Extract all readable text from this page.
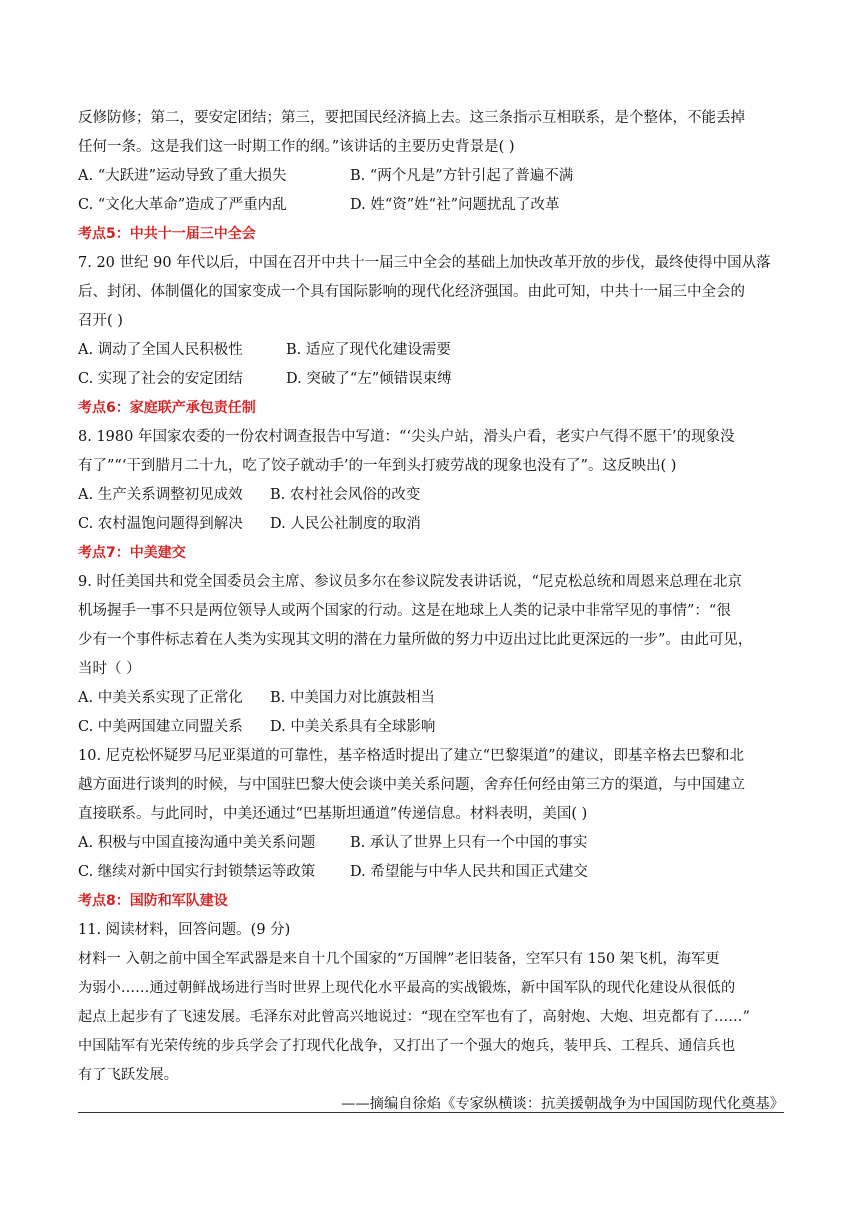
反修防修；第二，要安定团结；第三，要把国民经济搞上去。这三条指示互相联系，是个整体，不能丢掉
任何一条。这是我们这一时期工作的纲。”该讲话的主要历史背景是( )
A. “大跃进”运动导致了重大损失	B. “两个凡是”方针引起了普遍不满
C. “文化大革命”造成了严重内乱	D. 姓“资”姓“社”问题扰乱了改革
考点5：中共十一届三中全会
7. 20 世纪 90 年代以后，中国在召开中共十一届三中全会的基础上加快改革开放的步伐，最终使得中国从落
后、封闭、体制僵化的国家变成一个具有国际影响的现代化经济强国。由此可知，中共十一届三中全会的
召开( )
A. 调动了全国人民积极性	B. 适应了现代化建设需要
C. 实现了社会的安定团结	D. 突破了“左”倾错误束缚
考点6：家庭联产承包责任制
8. 1980 年国家农委的一份农村调查报告中写道：“‘尖头户站，滑头户看，老实户气得不愿干’的现象没
有了”“‘干到腊月二十九，吃了饺子就动手’的一年到头打疲劳战的现象也没有了”。这反映出( )
A. 生产关系调整初见成效 B. 农村社会风俗的改变
C. 农村温饱问题得到解决 D. 人民公社制度的取消
考点7：中美建交
9. 时任美国共和党全国委员会主席、参议员多尔在参议院发表讲话说，“尼克松总统和周恩来总理在北京
机场握手一事不只是两位领导人或两个国家的行动。这是在地球上人类的记录中非常罕见的事情”：“很
少有一个事件标志着在人类为实现其文明的潜在力量所做的努力中迈出过比此更深远的一步”。由此可见，
当时（ ）
A. 中美关系实现了正常化 B. 中美国力对比旗鼓相当
C. 中美两国建立同盟关系 D. 中美关系具有全球影响
10. 尼克松怀疑罗马尼亚渠道的可靠性，基辛格适时提出了建立“巴黎渠道”的建议，即基辛格去巴黎和北
越方面进行谈判的时候，与中国驻巴黎大使会谈中美关系问题，舍弃任何经由第三方的渠道，与中国建立
直接联系。与此同时，中美还通过“巴基斯坦通道”传递信息。材料表明，美国( )
A. 积极与中国直接沟通中美关系问题 B. 承认了世界上只有一个中国的事实
C. 继续对新中国实行封锁禁运等政策 D. 希望能与中华人民共和国正式建交
考点8：国防和军队建设
11. 阅读材料，回答问题。(9 分)
材料一 入朝之前中国全军武器是来自十几个国家的“万国牌”老旧装备，空军只有 150 架飞机，海军更
为弱小……通过朝鲜战场进行当时世界上现代化水平最高的实战锻炼，新中国军队的现代化建设从很低的
起点上起步有了飞速发展。毛泽东对此曾高兴地说过：“现在空军也有了，高射炮、大炮、坦克都有了……”
中国陆军有光荣传统的步兵学会了打现代化战争，又打出了一个强大的炮兵，装甲兵、工程兵、通信兵也
有了飞跃发展。
——摘编自徐焰《专家纵横谈：抗美援朝战争为中国国防现代化奠基》
